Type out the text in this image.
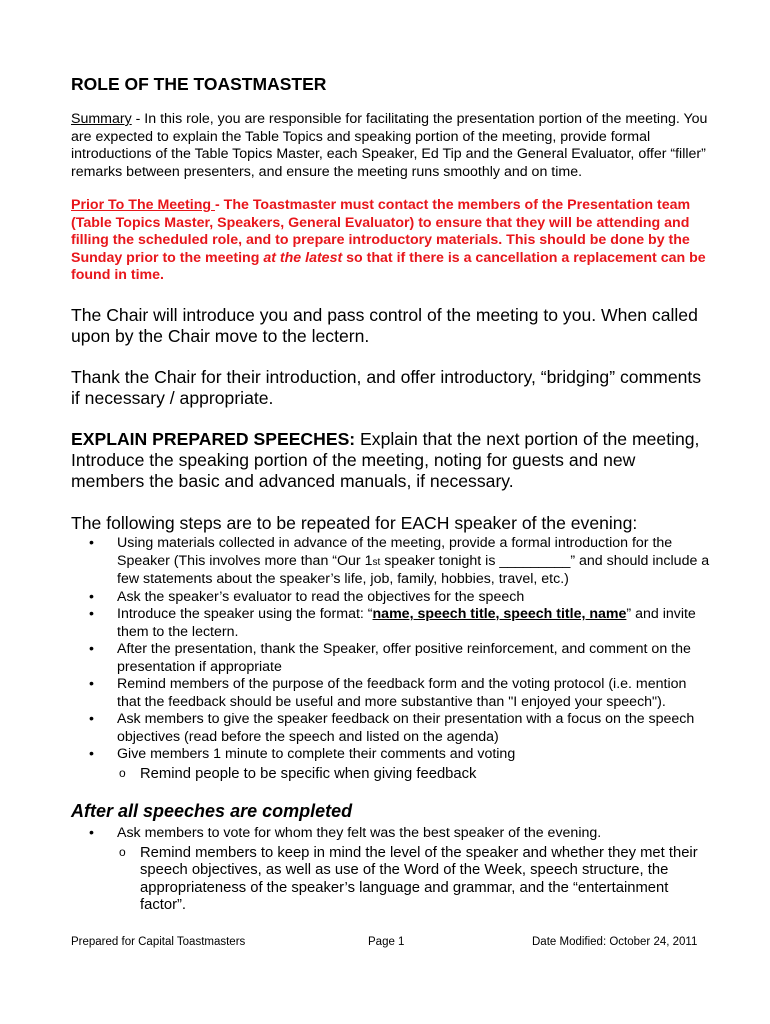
ROLE OF THE TOASTMASTER

Summary - In this role, you are responsible for facilitating the presentation portion of the meeting. You are expected to explain the Table Topics and speaking portion of the meeting, provide formal introductions of the Table Topics Master, each Speaker, Ed Tip and the General Evaluator, offer “filler” remarks between presenters, and ensure the meeting runs smoothly and on time.

Prior To The Meeting - The Toastmaster must contact the members of the Presentation team (Table Topics Master, Speakers, General Evaluator) to ensure that they will be attending and filling the scheduled role, and to prepare introductory materials. This should be done by the Sunday prior to the meeting at the latest so that if there is a cancellation a replacement can be found in time.

The Chair will introduce you and pass control of the meeting to you. When called upon by the Chair move to the lectern.

Thank the Chair for their introduction, and offer introductory, “bridging” comments if necessary / appropriate.

EXPLAIN PREPARED SPEECHES: Explain that the next portion of the meeting, Introduce the speaking portion of the meeting, noting for guests and new members the basic and advanced manuals, if necessary.

The following steps are to be repeated for EACH speaker of the evening:

• Using materials collected in advance of the meeting, provide a formal introduction for the Speaker (This involves more than “Our 1st speaker tonight is _________” and should include a few statements about the speaker’s life, job, family, hobbies, travel, etc.)
• Ask the speaker’s evaluator to read the objectives for the speech
• Introduce the speaker using the format: “name, speech title, speech title, name” and invite them to the lectern.
• After the presentation, thank the Speaker, offer positive reinforcement, and comment on the presentation if appropriate
• Remind members of the purpose of the feedback form and the voting protocol (i.e. mention that the feedback should be useful and more substantive than "I enjoyed your speech").
• Ask members to give the speaker feedback on their presentation with a focus on the speech objectives (read before the speech and listed on the agenda)
• Give members 1 minute to complete their comments and voting
o Remind people to be specific when giving feedback
After all speeches are completed
• Ask members to vote for whom they felt was the best speaker of the evening.
o Remind members to keep in mind the level of the speaker and whether they met their speech objectives, as well as use of the Word of the Week, speech structure, the appropriateness of the speaker’s language and grammar, and the “entertainment factor”.
Prepared for Capital Toastmasters	Page 1	Date Modified: October 24, 2011
